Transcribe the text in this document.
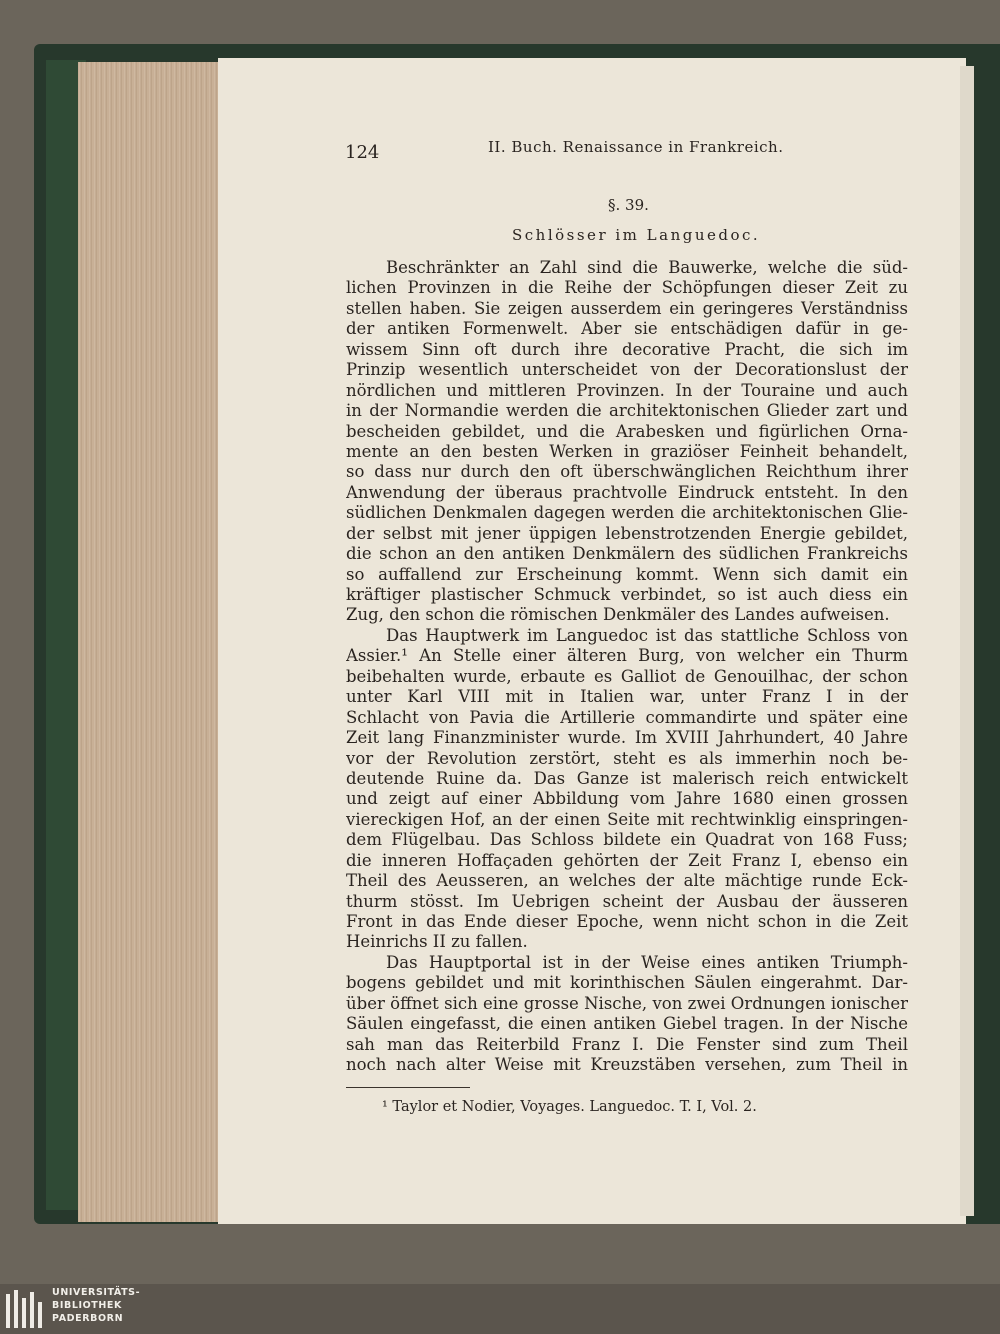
124	II. Buch. Renaissance in Frankreich.
§. 39.
Schlösser im Languedoc.
Beschränkter an Zahl sind die Bauwerke, welche die süd-
lichen Provinzen in die Reihe der Schöpfungen dieser Zeit zu
stellen haben. Sie zeigen ausserdem ein geringeres Verständniss
der antiken Formenwelt. Aber sie entschädigen dafür in ge-
wissem Sinn oft durch ihre decorative Pracht, die sich im
Prinzip wesentlich unterscheidet von der Decorationslust der
nördlichen und mittleren Provinzen. In der Touraine und auch
in der Normandie werden die architektonischen Glieder zart und
bescheiden gebildet, und die Arabesken und figürlichen Orna-
mente an den besten Werken in graziöser Feinheit behandelt,
so dass nur durch den oft überschwänglichen Reichthum ihrer
Anwendung der überaus prachtvolle Eindruck entsteht. In den
südlichen Denkmalen dagegen werden die architektonischen Glie-
der selbst mit jener üppigen lebenstrotzenden Energie gebildet,
die schon an den antiken Denkmälern des südlichen Frankreichs
so auffallend zur Erscheinung kommt. Wenn sich damit ein
kräftiger plastischer Schmuck verbindet, so ist auch diess ein
Zug, den schon die römischen Denkmäler des Landes aufweisen.
Das Hauptwerk im Languedoc ist das stattliche Schloss von
Assier.¹ An Stelle einer älteren Burg, von welcher ein Thurm
beibehalten wurde, erbaute es Galliot de Genouilhac, der schon
unter Karl VIII mit in Italien war, unter Franz I in der
Schlacht von Pavia die Artillerie commandirte und später eine
Zeit lang Finanzminister wurde. Im XVIII Jahrhundert, 40 Jahre
vor der Revolution zerstört, steht es als immerhin noch be-
deutende Ruine da. Das Ganze ist malerisch reich entwickelt
und zeigt auf einer Abbildung vom Jahre 1680 einen grossen
viereckigen Hof, an der einen Seite mit rechtwinklig einspringen-
dem Flügelbau. Das Schloss bildete ein Quadrat von 168 Fuss;
die inneren Hoffaçaden gehörten der Zeit Franz I, ebenso ein
Theil des Aeusseren, an welches der alte mächtige runde Eck-
thurm stösst. Im Uebrigen scheint der Ausbau der äusseren
Front in das Ende dieser Epoche, wenn nicht schon in die Zeit
Heinrichs II zu fallen.
Das Hauptportal ist in der Weise eines antiken Triumph-
bogens gebildet und mit korinthischen Säulen eingerahmt. Dar-
über öffnet sich eine grosse Nische, von zwei Ordnungen ionischer
Säulen eingefasst, die einen antiken Giebel tragen. In der Nische
sah man das Reiterbild Franz I. Die Fenster sind zum Theil
noch nach alter Weise mit Kreuzstäben versehen, zum Theil in
¹ Taylor et Nodier, Voyages. Languedoc. T. I, Vol. 2.
UNIVERSITÄTS-
BIBLIOTHEK
PADERBORN
